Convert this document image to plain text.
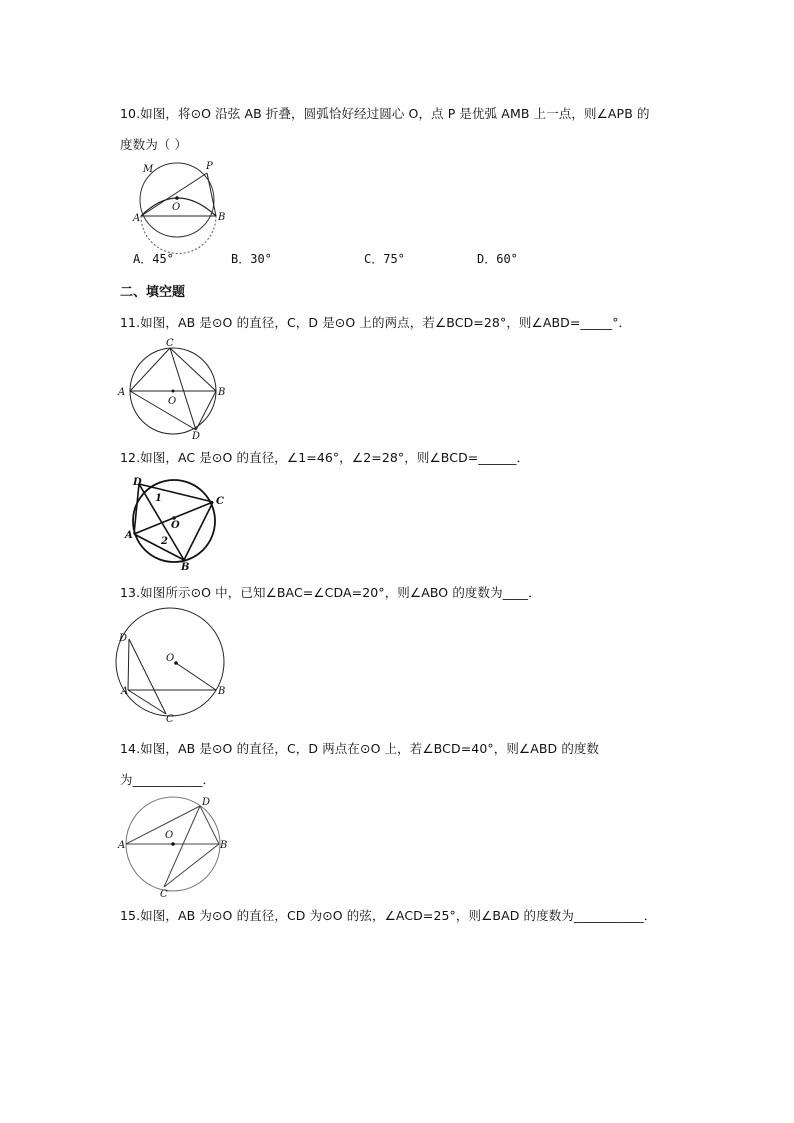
10.如图，将⊙O 沿弦 AB 折叠，圆弧恰好经过圆心 O，点 P 是优弧 AMB 上一点，则∠APB 的
度数为（ ）
M	P
O
A	B
A．45°	B．30°	C．75°	D．60°
二、填空题
11.如图，AB 是⊙O 的直径，C，D 是⊙O 上的两点，若∠BCD=28°，则∠ABD=_____°．
C
A	B
O
D
12.如图，AC 是⊙O 的直径，∠1=46°，∠2=28°，则∠BCD=______．
D
1	C
O
A
2
B
13.如图所示⊙O 中，已知∠BAC=∠CDA=20°，则∠ABO 的度数为____．
D
O
A	B
C
14.如图，AB 是⊙O 的直径，C，D 两点在⊙O 上，若∠BCD=40°，则∠ABD 的度数
为___________．
D
O
A	B
C
15.如图，AB 为⊙O 的直径，CD 为⊙O 的弦，∠ACD=25°，则∠BAD 的度数为___________．
